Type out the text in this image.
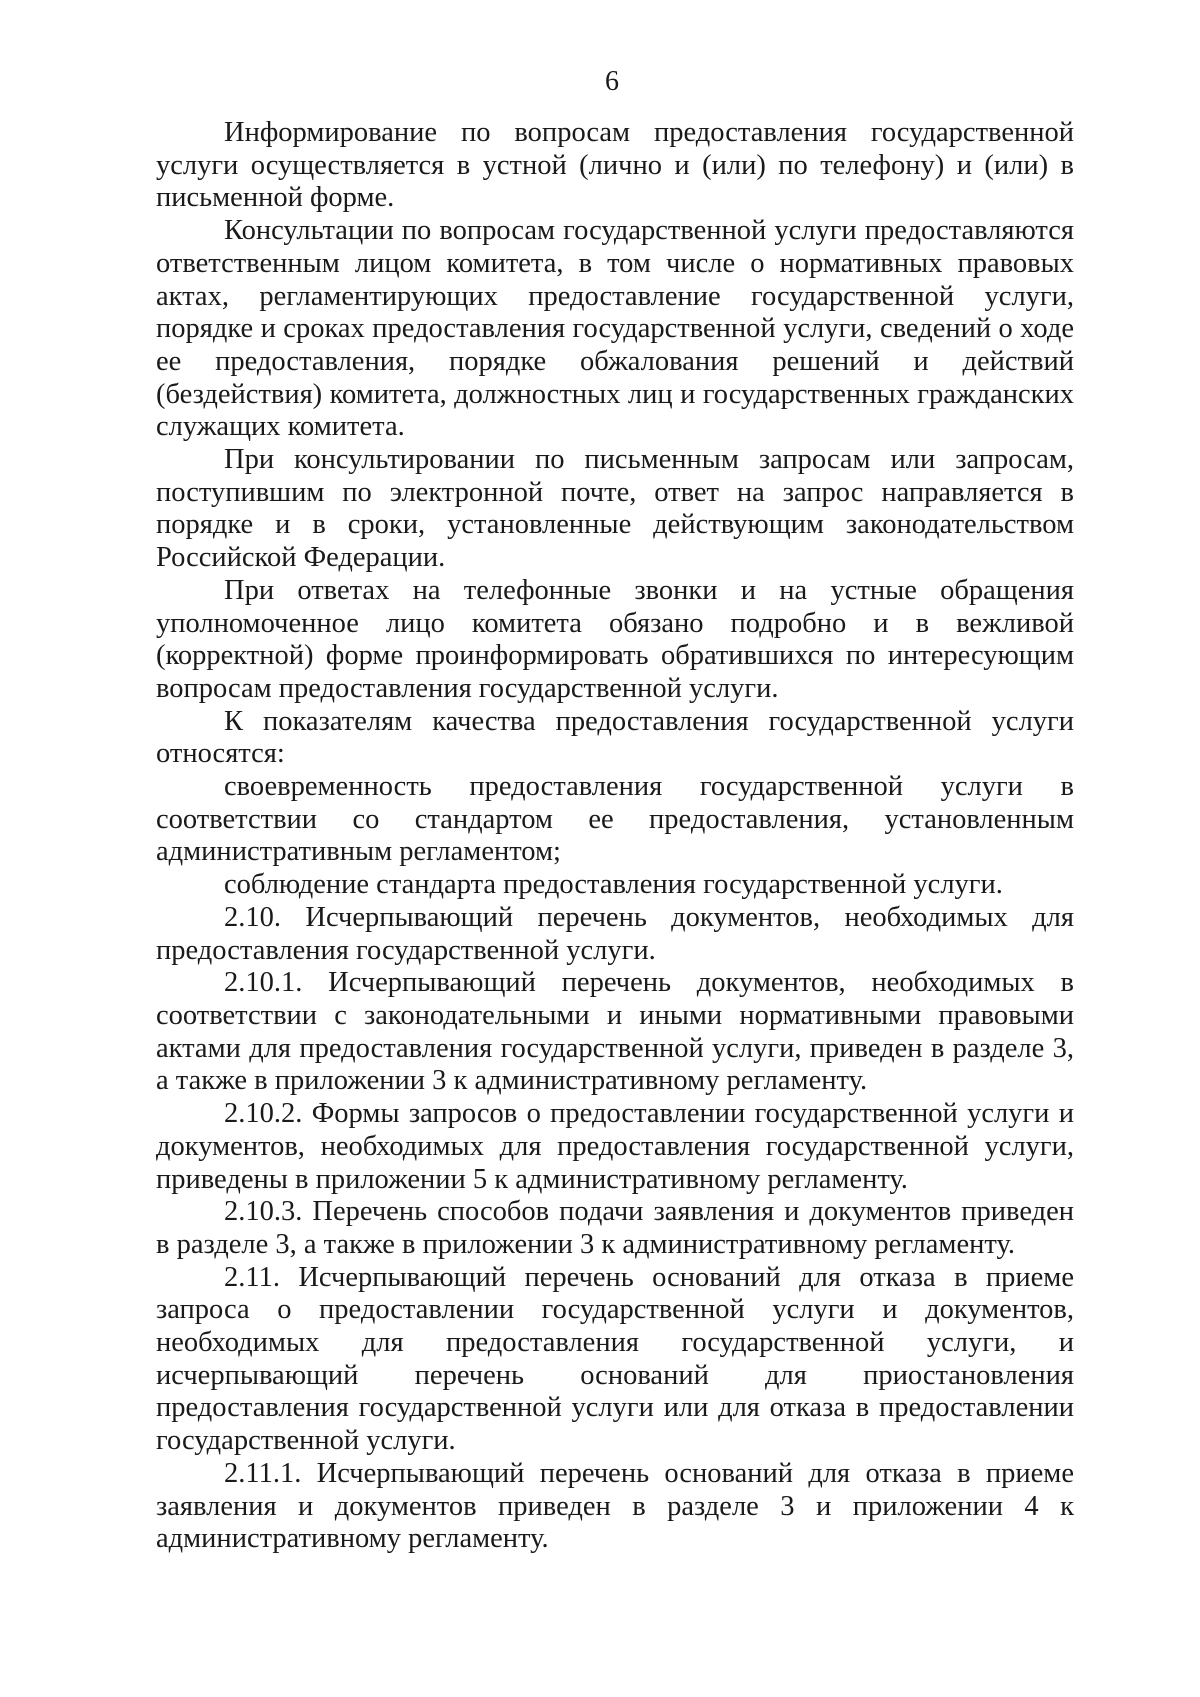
6

Информирование по вопросам предоставления государственной услуги осуществляется в устной (лично и (или) по телефону) и (или) в письменной форме.

Консультации по вопросам государственной услуги предоставляются ответственным лицом комитета, в том числе о нормативных правовых актах, регламентирующих предоставление государственной услуги, порядке и сроках предоставления государственной услуги, сведений о ходе ее предоставления, порядке обжалования решений и действий (бездействия) комитета, должностных лиц и государственных гражданских служащих комитета.

При консультировании по письменным запросам или запросам, поступившим по электронной почте, ответ на запрос направляется в порядке и в сроки, установленные действующим законодательством Российской Федерации.

При ответах на телефонные звонки и на устные обращения уполномоченное лицо комитета обязано подробно и в вежливой (корректной) форме проинформировать обратившихся по интересующим вопросам предоставления государственной услуги.

К показателям качества предоставления государственной услуги относятся:

своевременность предоставления государственной услуги в соответствии со стандартом ее предоставления, установленным административным регламентом;

соблюдение стандарта предоставления государственной услуги.

2.10. Исчерпывающий перечень документов, необходимых для предоставления государственной услуги.

2.10.1. Исчерпывающий перечень документов, необходимых в соответствии с законодательными и иными нормативными правовыми актами для предоставления государственной услуги, приведен в разделе 3, а также в приложении 3 к административному регламенту.

2.10.2. Формы запросов о предоставлении государственной услуги и документов, необходимых для предоставления государственной услуги, приведены в приложении 5 к административному регламенту.

2.10.3. Перечень способов подачи заявления и документов приведен в разделе 3, а также в приложении 3 к административному регламенту.

2.11. Исчерпывающий перечень оснований для отказа в приеме запроса о предоставлении государственной услуги и документов, необходимых для предоставления государственной услуги, и исчерпывающий перечень оснований для приостановления предоставления государственной услуги или для отказа в предоставлении государственной услуги.

2.11.1. Исчерпывающий перечень оснований для отказа в приеме заявления и документов приведен в разделе 3 и приложении 4 к административному регламенту.
